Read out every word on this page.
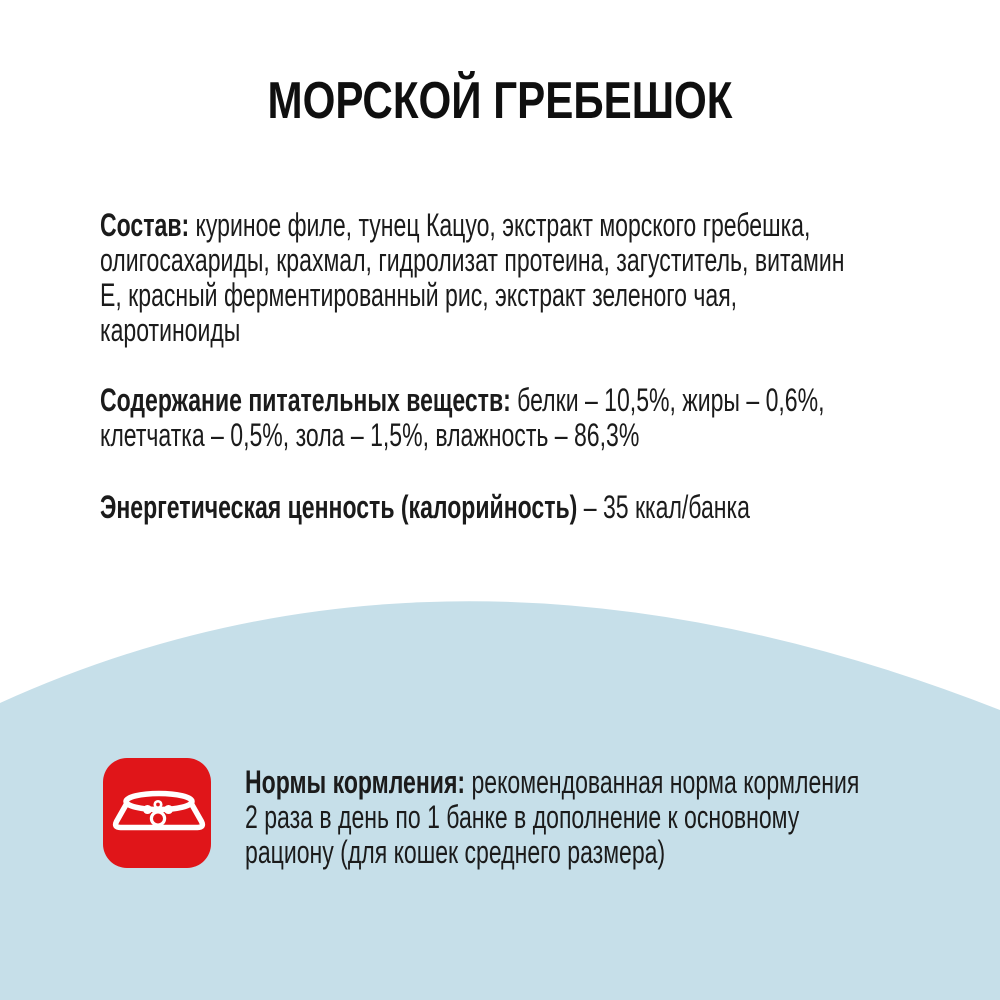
МОРСКОЙ ГРЕБЕШОК
Состав: куриное филе, тунец Кацуо, экстракт морского гребешка,
олигосахариды, крахмал, гидролизат протеина, загуститель, витамин
Е, красный ферментированный рис, экстракт зеленого чая,
каротиноиды
Содержание питательных веществ: белки – 10,5%, жиры – 0,6%,
клетчатка – 0,5%, зола – 1,5%, влажность – 86,3%
Энергетическая ценность (калорийность) – 35 ккал/банка
Нормы кормления: рекомендованная норма кормления
2 раза в день по 1 банке в дополнение к основному
рациону (для кошек среднего размера)
